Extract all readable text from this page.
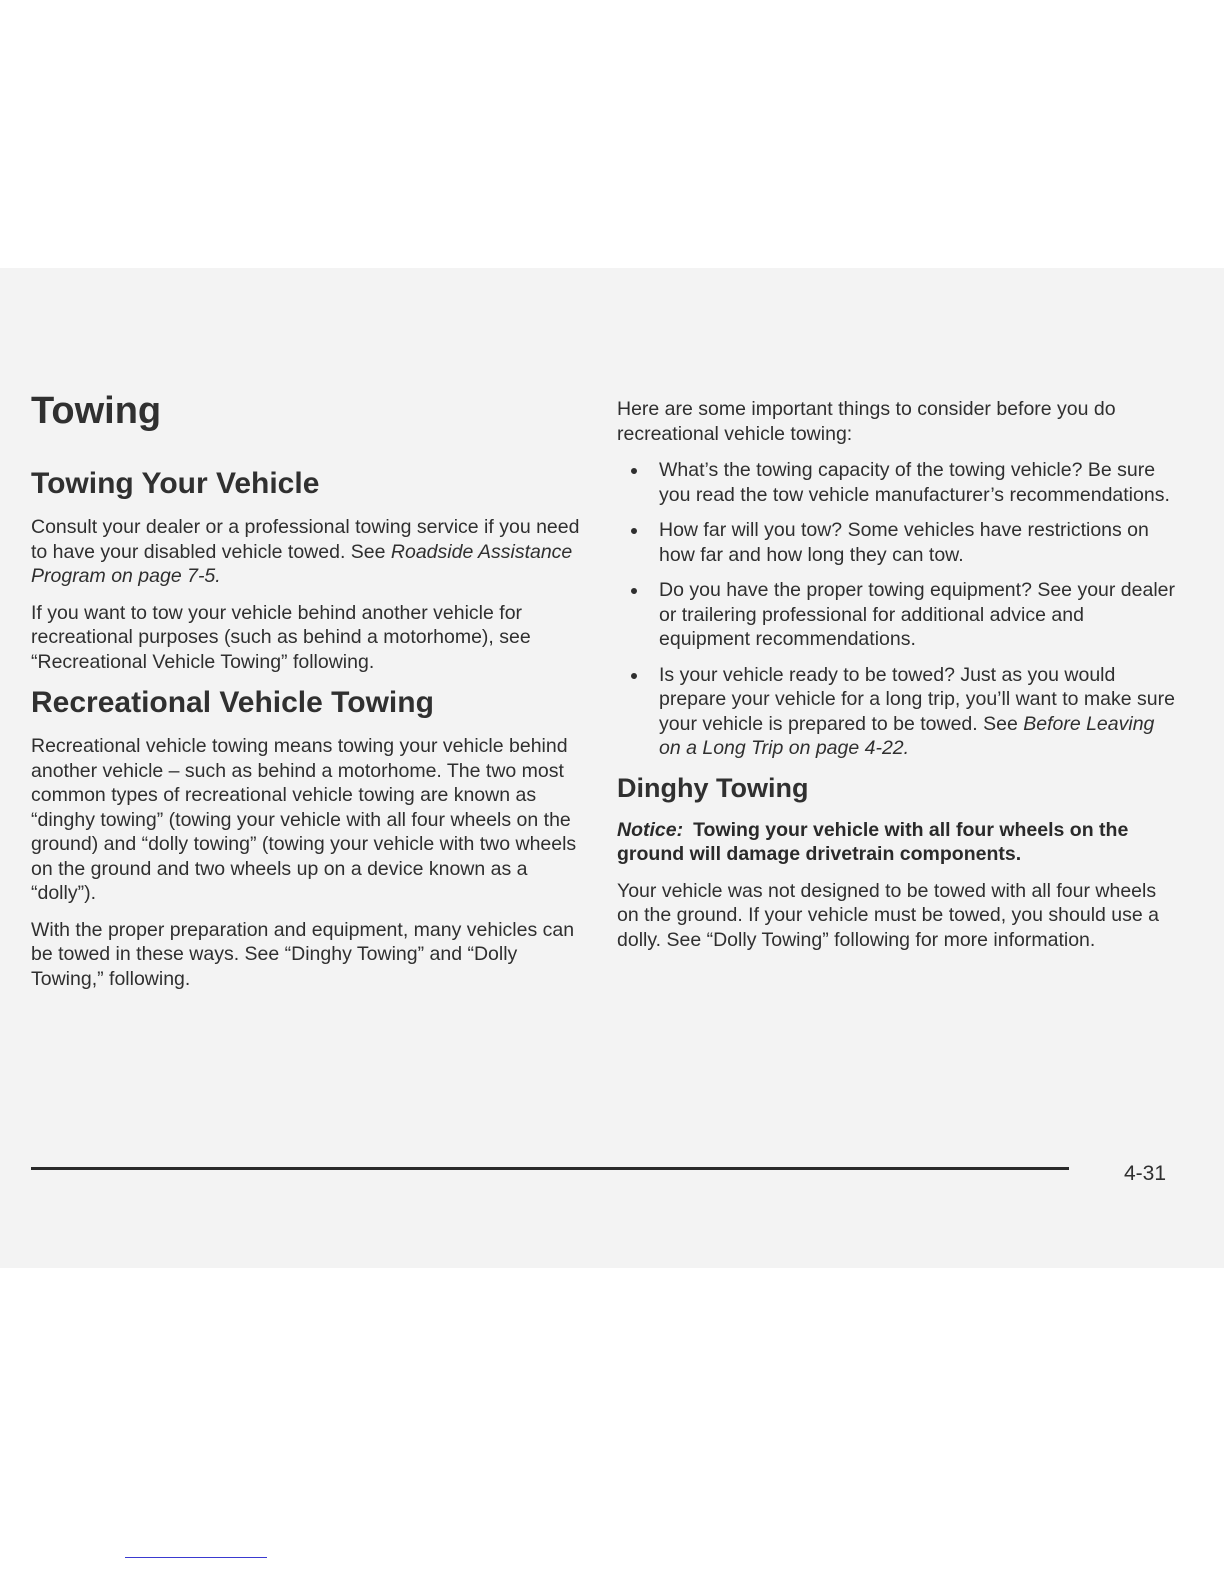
Towing
Towing Your Vehicle

Consult your dealer or a professional towing service if you need to have your disabled vehicle towed. See Roadside Assistance Program on page 7-5.

If you want to tow your vehicle behind another vehicle for recreational purposes (such as behind a motorhome), see “Recreational Vehicle Towing” following.

Recreational Vehicle Towing

Recreational vehicle towing means towing your vehicle behind another vehicle – such as behind a motorhome. The two most common types of recreational vehicle towing are known as “dinghy towing” (towing your vehicle with all four wheels on the ground) and “dolly towing” (towing your vehicle with two wheels on the ground and two wheels up on a device known as a “dolly”).

With the proper preparation and equipment, many vehicles can be towed in these ways. See “Dinghy Towing” and “Dolly Towing,” following.

Here are some important things to consider before you do recreational vehicle towing:

What’s the towing capacity of the towing vehicle? Be sure you read the tow vehicle manufacturer’s recommendations.
How far will you tow? Some vehicles have restrictions on how far and how long they can tow.
Do you have the proper towing equipment? See your dealer or trailering professional for additional advice and equipment recommendations.
Is your vehicle ready to be towed? Just as you would prepare your vehicle for a long trip, you’ll want to make sure your vehicle is prepared to be towed. See Before Leaving on a Long Trip on page 4-22.
Dinghy Towing
Notice: Towing your vehicle with all four wheels on the ground will damage drivetrain components.

Your vehicle was not designed to be towed with all four wheels on the ground. If your vehicle must be towed, you should use a dolly. See “Dolly Towing” following for more information.

4-31
